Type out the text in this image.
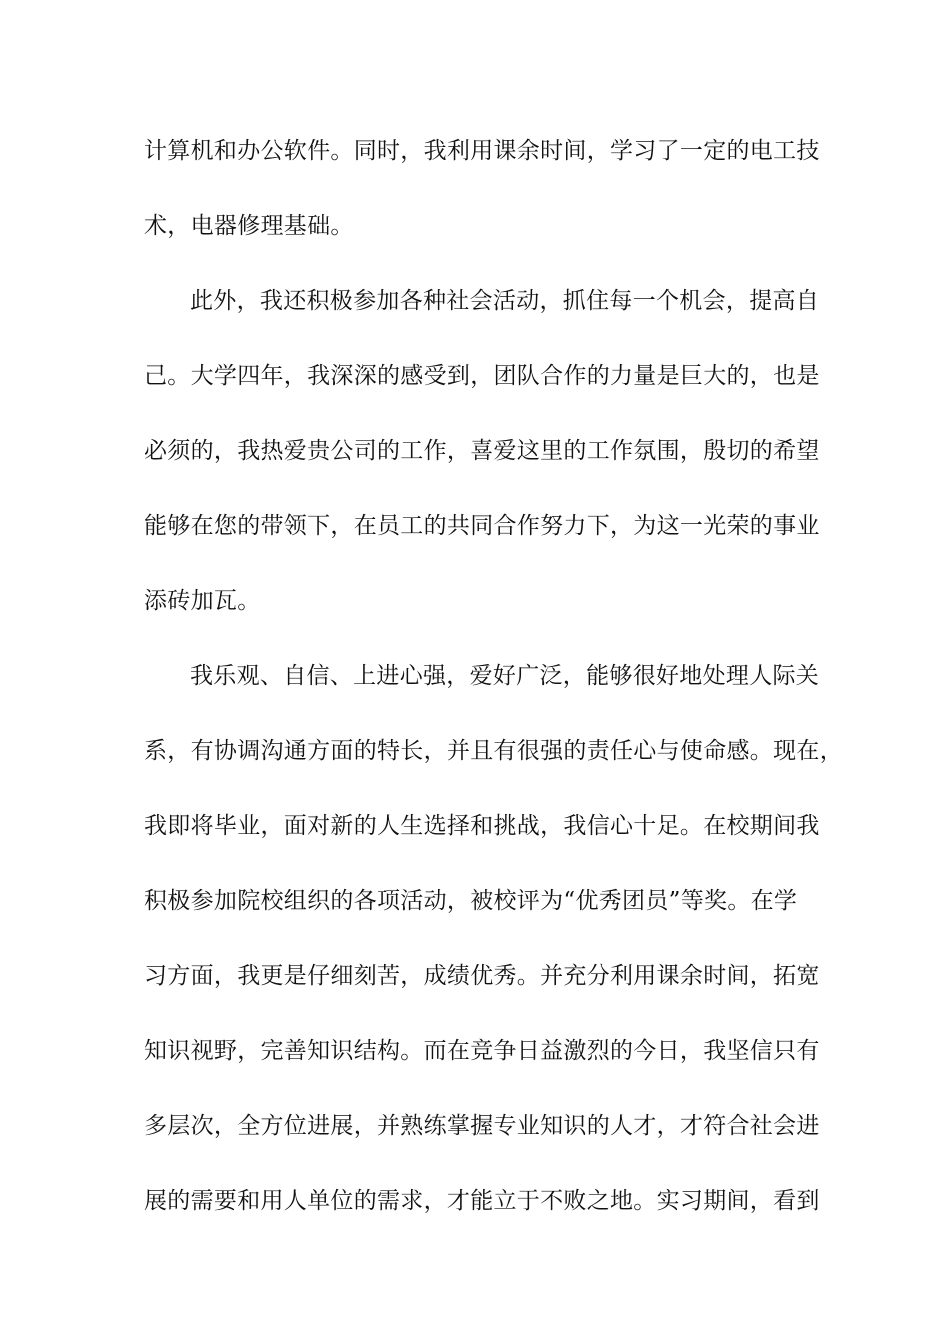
计算机和办公软件。同时，我利用课余时间，学习了一定的电工技
术，电器修理基础。
此外，我还积极参加各种社会活动，抓住每一个机会，提高自
己。大学四年，我深深的感受到，团队合作的力量是巨大的，也是
必须的，我热爱贵公司的工作，喜爱这里的工作氛围，殷切的希望
能够在您的带领下，在员工的共同合作努力下，为这一光荣的事业
添砖加瓦。
我乐观、自信、上进心强，爱好广泛，能够很好地处理人际关
系，有协调沟通方面的特长，并且有很强的责任心与使命感。现在，
我即将毕业，面对新的人生选择和挑战，我信心十足。在校期间我
积极参加院校组织的各项活动，被校评为“优秀团员”等奖。在学
习方面，我更是仔细刻苦，成绩优秀。并充分利用课余时间，拓宽
知识视野，完善知识结构。而在竞争日益激烈的今日，我坚信只有
多层次，全方位进展，并熟练掌握专业知识的人才，才符合社会进
展的需要和用人单位的需求，才能立于不败之地。实习期间，看到
